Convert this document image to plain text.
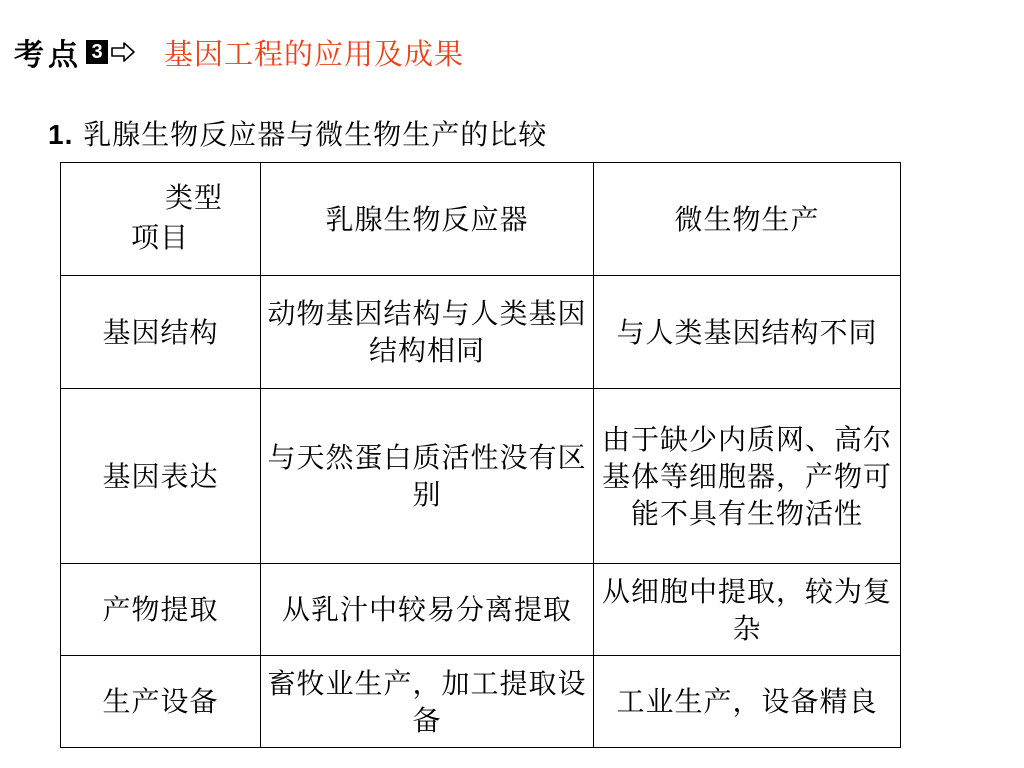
考点 3 基因工程的应用及成果
1. 乳腺生物反应器与微生物生产的比较
类型
项目	乳腺生物反应器	微生物生产
基因结构	动物基因结构与人类基因结构相同	与人类基因结构不同
基因表达	与天然蛋白质活性没有区别	由于缺少内质网、高尔基体等细胞器，产物可能不具有生物活性
产物提取	从乳汁中较易分离提取	从细胞中提取，较为复杂
生产设备	畜牧业生产，加工提取设备	工业生产，设备精良
